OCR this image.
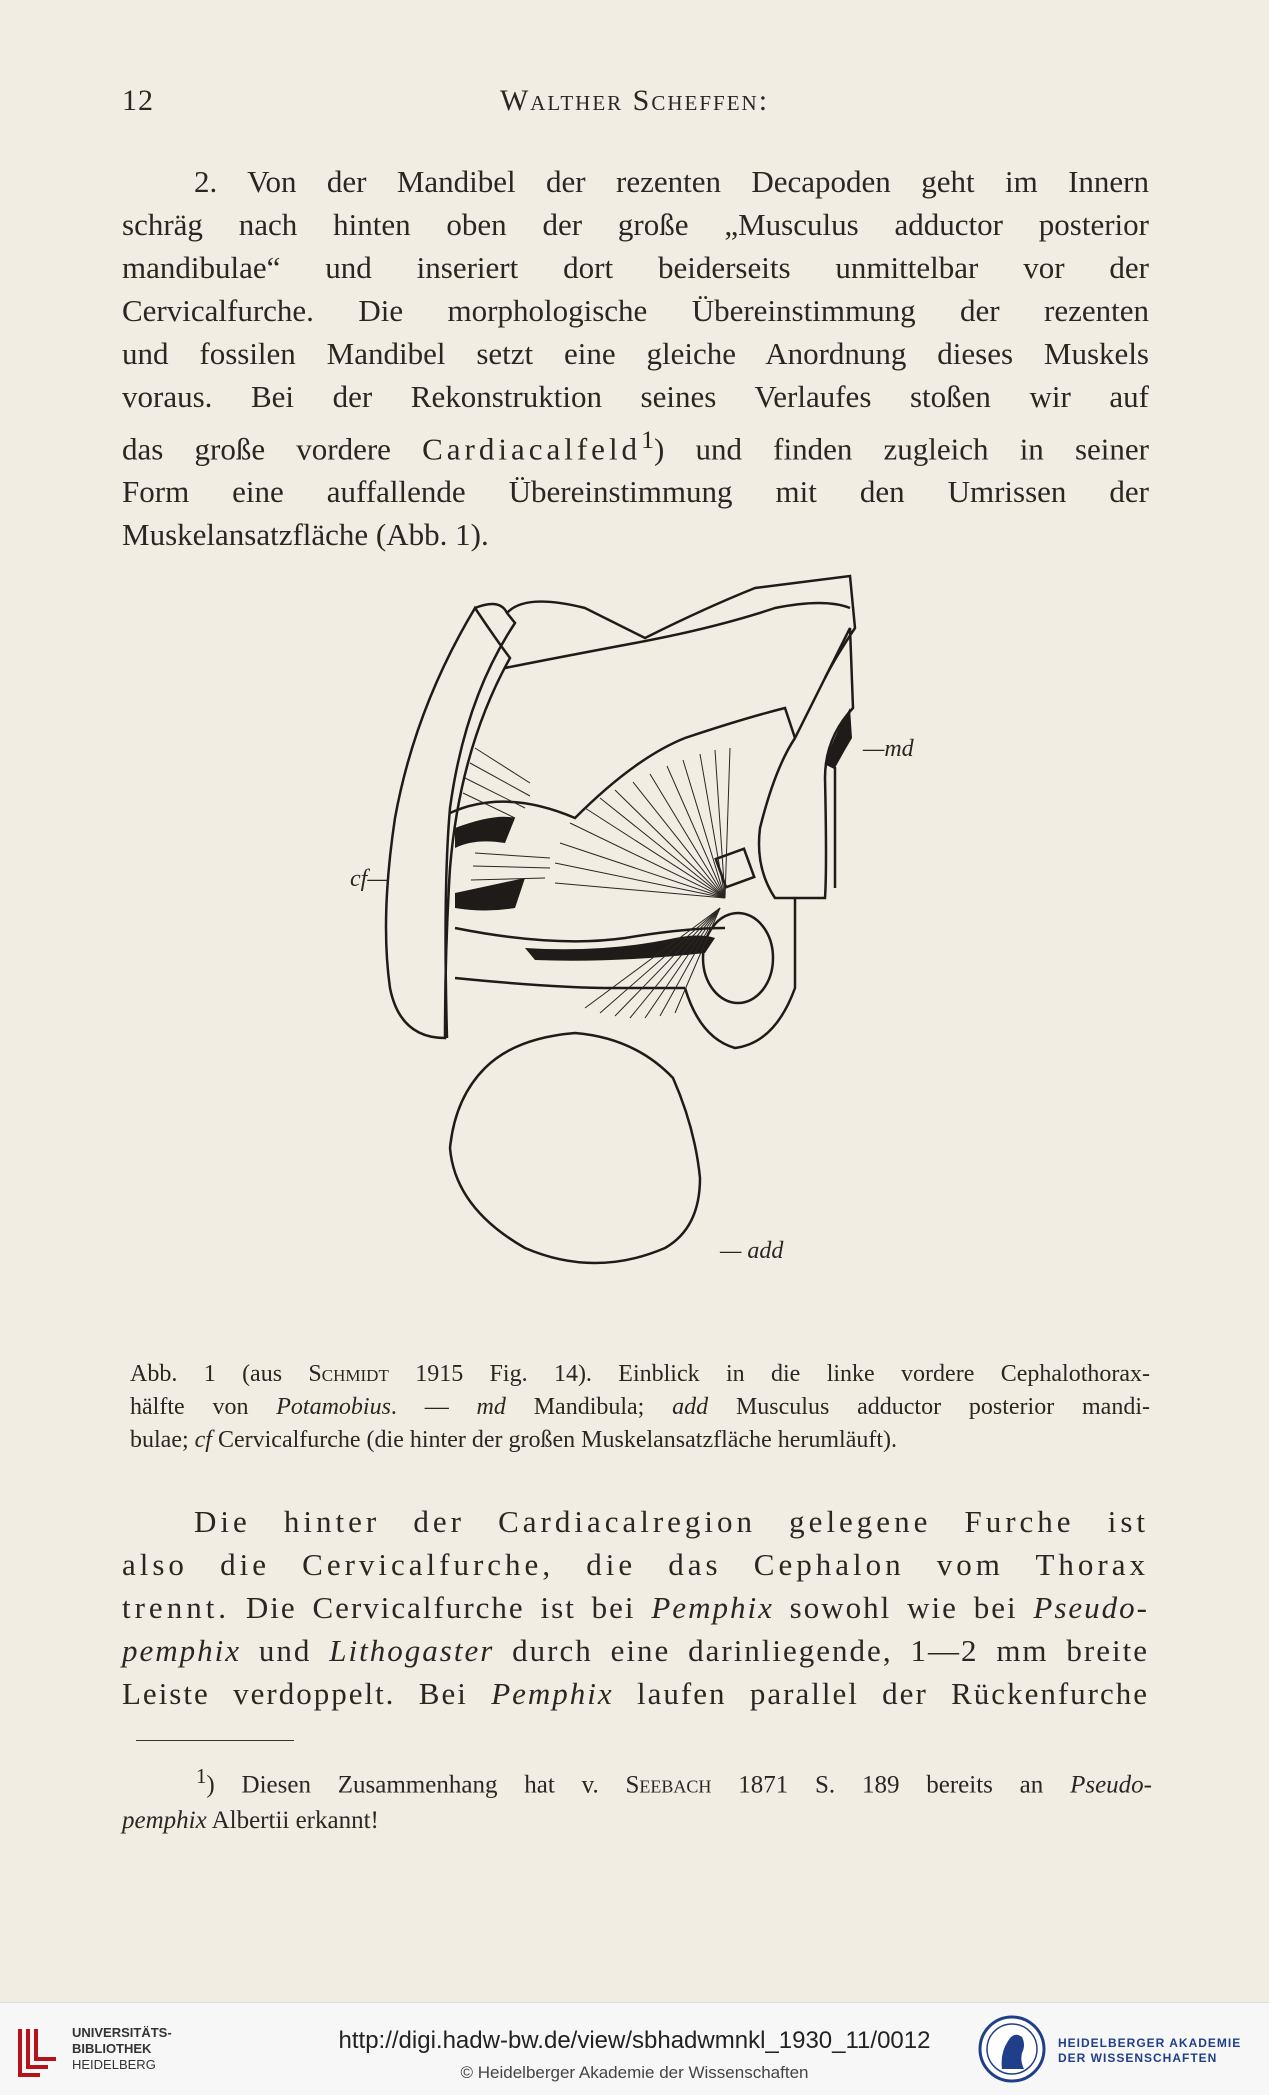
12	Walther Scheffen:
2. Von der Mandibel der rezenten Decapoden geht im Innern
schräg nach hinten oben der große „Musculus adductor posterior
mandibulae“ und inseriert dort beiderseits unmittelbar vor der
Cervicalfurche. Die morphologische Übereinstimmung der rezenten
und fossilen Mandibel setzt eine gleiche Anordnung dieses Muskels
voraus. Bei der Rekonstruktion seines Verlaufes stoßen wir auf
das große vordere Cardiacalfeld$^1$) und finden zugleich in seiner
Form eine auffallende Übereinstimmung mit den Umrissen der
Muskelansatzfläche (Abb. 1).
—md
cf—
— add
Abb. 1 (aus Schmidt 1915 Fig. 14). Einblick in die linke vordere Cephalothorax-
hälfte von Potamobius. — md Mandibula; add Musculus adductor posterior mandi-
bulae; cf Cervicalfurche (die hinter der großen Muskelansatzfläche herumläuft).
Die hinter der Cardiacalregion gelegene Furche ist
also die Cervicalfurche, die das Cephalon vom Thorax
trennt. Die Cervicalfurche ist bei Pemphix sowohl wie bei Pseudo-
pemphix und Lithogaster durch eine darinliegende, 1—2 mm breite
Leiste verdoppelt. Bei Pemphix laufen parallel der Rückenfurche
$^1$) Diesen Zusammenhang hat v. Seebach 1871 S. 189 bereits an Pseudo-
pemphix Albertii erkannt!
UNIVERSITÄTS-
BIBLIOTHEK
HEIDELBERG
http://digi.hadw-bw.de/view/sbhadwmnkl_1930_11/0012
© Heidelberger Akademie der Wissenschaften
HEIDELBERGER AKADEMIE
DER WISSENSCHAFTEN
